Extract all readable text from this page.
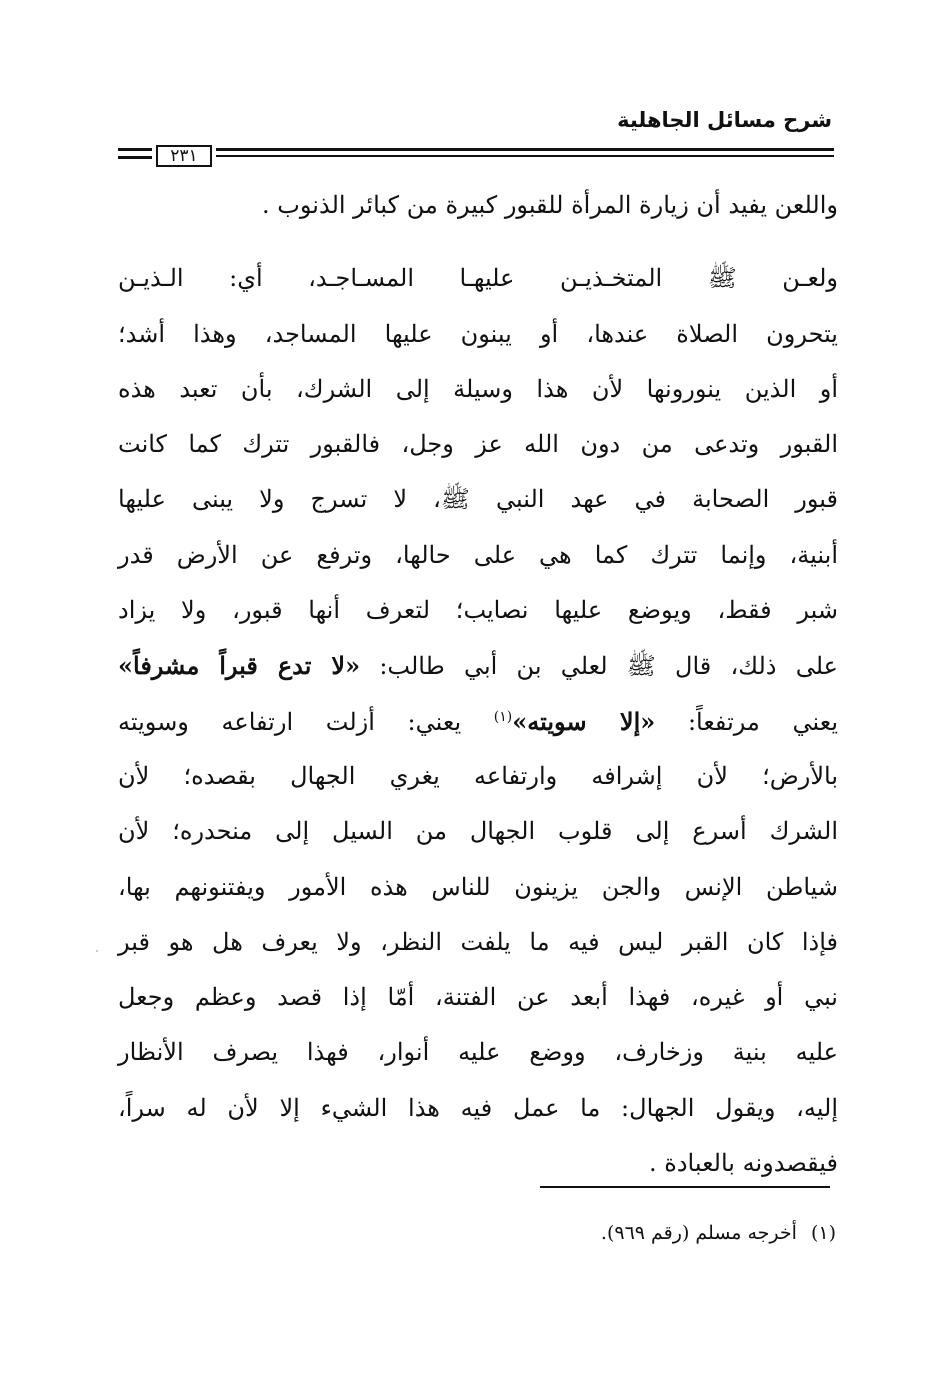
شرح مسائل الجاهلية
٢٣١
واللعن يفيد أن زيارة المرأة للقبور كبيرة من كبائر الذنوب .
ولعـن ﷺ المتخـذيـن عليهـا المسـاجـد، أي: الـذيـن
يتحرون الصلاة عندها، أو يبنون عليها المساجد، وهذا أشد؛
أو الذين ينورونها لأن هذا وسيلة إلى الشرك، بأن تعبد هذه
القبور وتدعى من دون الله عز وجل، فالقبور تترك كما كانت
قبور الصحابة في عهد النبي ﷺ، لا تسرج ولا يبنى عليها
أبنية، وإنما تترك كما هي على حالها، وترفع عن الأرض قدر
شبر فقط، ويوضع عليها نصايب؛ لتعرف أنها قبور، ولا يزاد
على ذلك، قال ﷺ لعلي بن أبي طالب: «لا تدع قبراً مشرفاً»
يعني مرتفعاً: «إلا سويته»$^{(١)}$ يعني: أزلت ارتفاعه وسويته
بالأرض؛ لأن إشرافه وارتفاعه يغري الجهال بقصده؛ لأن
الشرك أسرع إلى قلوب الجهال من السيل إلى منحدره؛ لأن
شياطن الإنس والجن يزينون للناس هذه الأمور ويفتنونهم بها،
فإذا كان القبر ليس فيه ما يلفت النظر، ولا يعرف هل هو قبر
نبي أو غيره، فهذا أبعد عن الفتنة، أمّا إذا قصد وعظم وجعل
عليه بنية وزخارف، ووضع عليه أنوار، فهذا يصرف الأنظار
إليه، ويقول الجهال: ما عمل فيه هذا الشيء إلا لأن له سراً،
فيقصدونه بالعبادة .
(١)أخرجه مسلم (رقم ٩٦٩).
